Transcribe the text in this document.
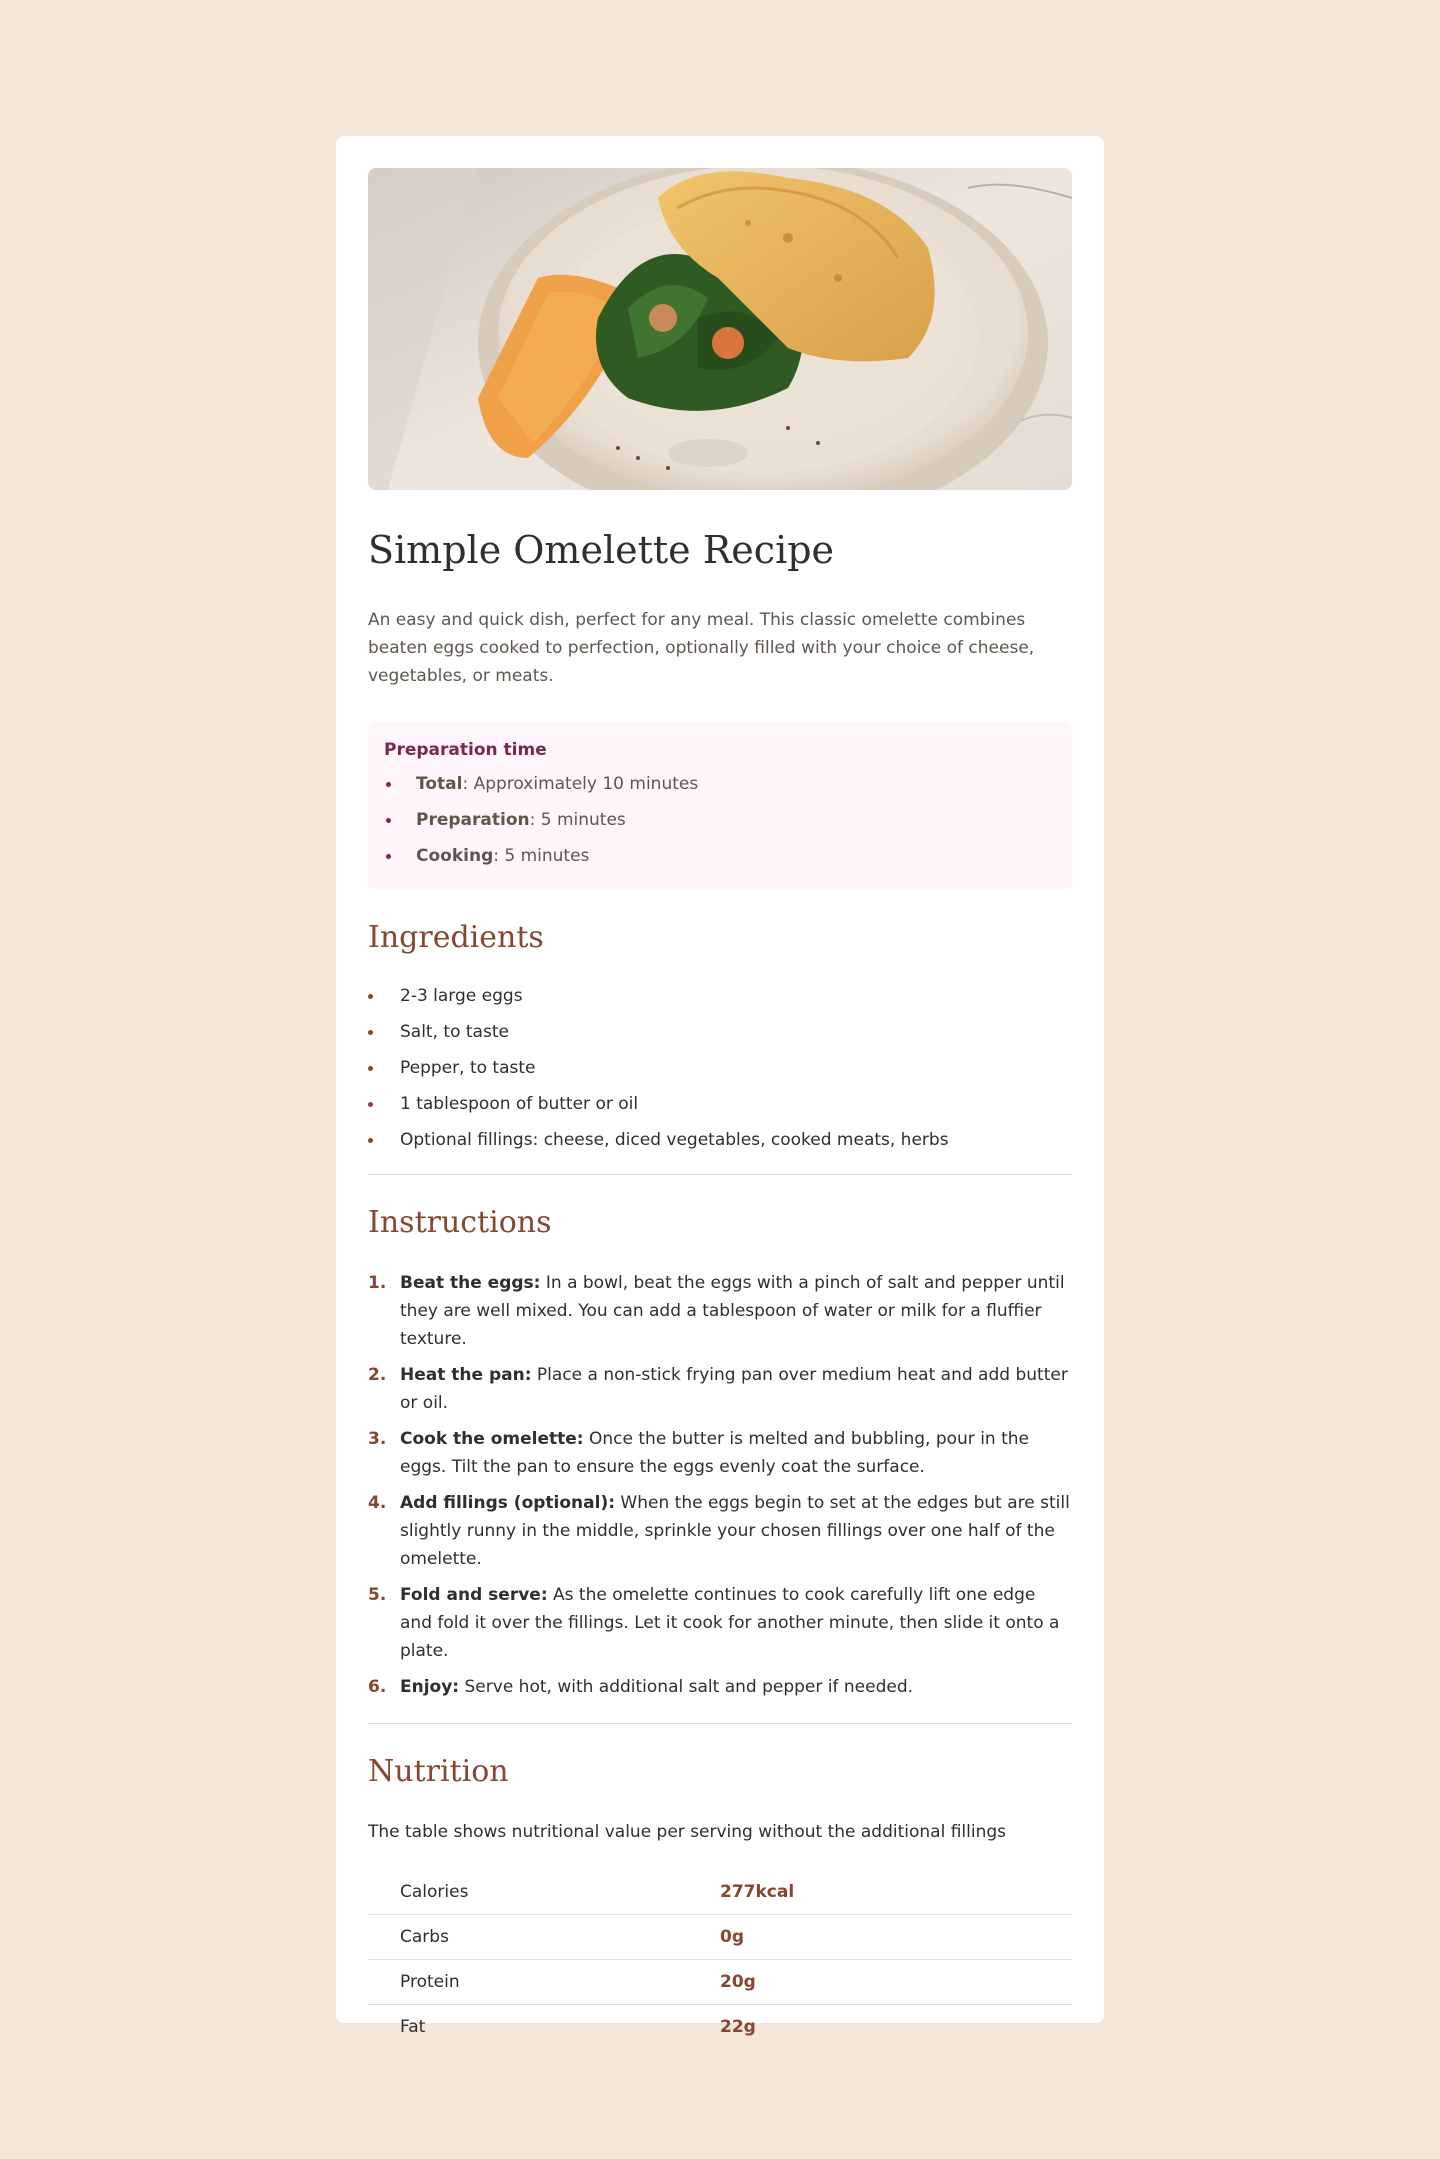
Simple Omelette Recipe

An easy and quick dish, perfect for any meal. This classic omelette combines beaten eggs cooked to perfection, optionally filled with your choice of cheese, vegetables, or meats.

Preparation time
Total: Approximately 10 minutes
Preparation: 5 minutes
Cooking: 5 minutes
Ingredients
2-3 large eggs
Salt, to taste
Pepper, to taste
1 tablespoon of butter or oil
Optional fillings: cheese, diced vegetables, cooked meats, herbs
Instructions
1. Beat the eggs: In a bowl, beat the eggs with a pinch of salt and pepper until they are well mixed. You can add a tablespoon of water or milk for a fluffier texture.
2. Heat the pan: Place a non-stick frying pan over medium heat and add butter or oil.
3. Cook the omelette: Once the butter is melted and bubbling, pour in the eggs. Tilt the pan to ensure the eggs evenly coat the surface.
4. Add fillings (optional): When the eggs begin to set at the edges but are still slightly runny in the middle, sprinkle your chosen fillings over one half of the omelette.
5. Fold and serve: As the omelette continues to cook carefully lift one edge and fold it over the fillings. Let it cook for another minute, then slide it onto a plate.
6. Enjoy: Serve hot, with additional salt and pepper if needed.
Nutrition

The table shows nutritional value per serving without the additional fillings

Calories	277kcal
Carbs	0g
Protein	20g
Fat	22g
